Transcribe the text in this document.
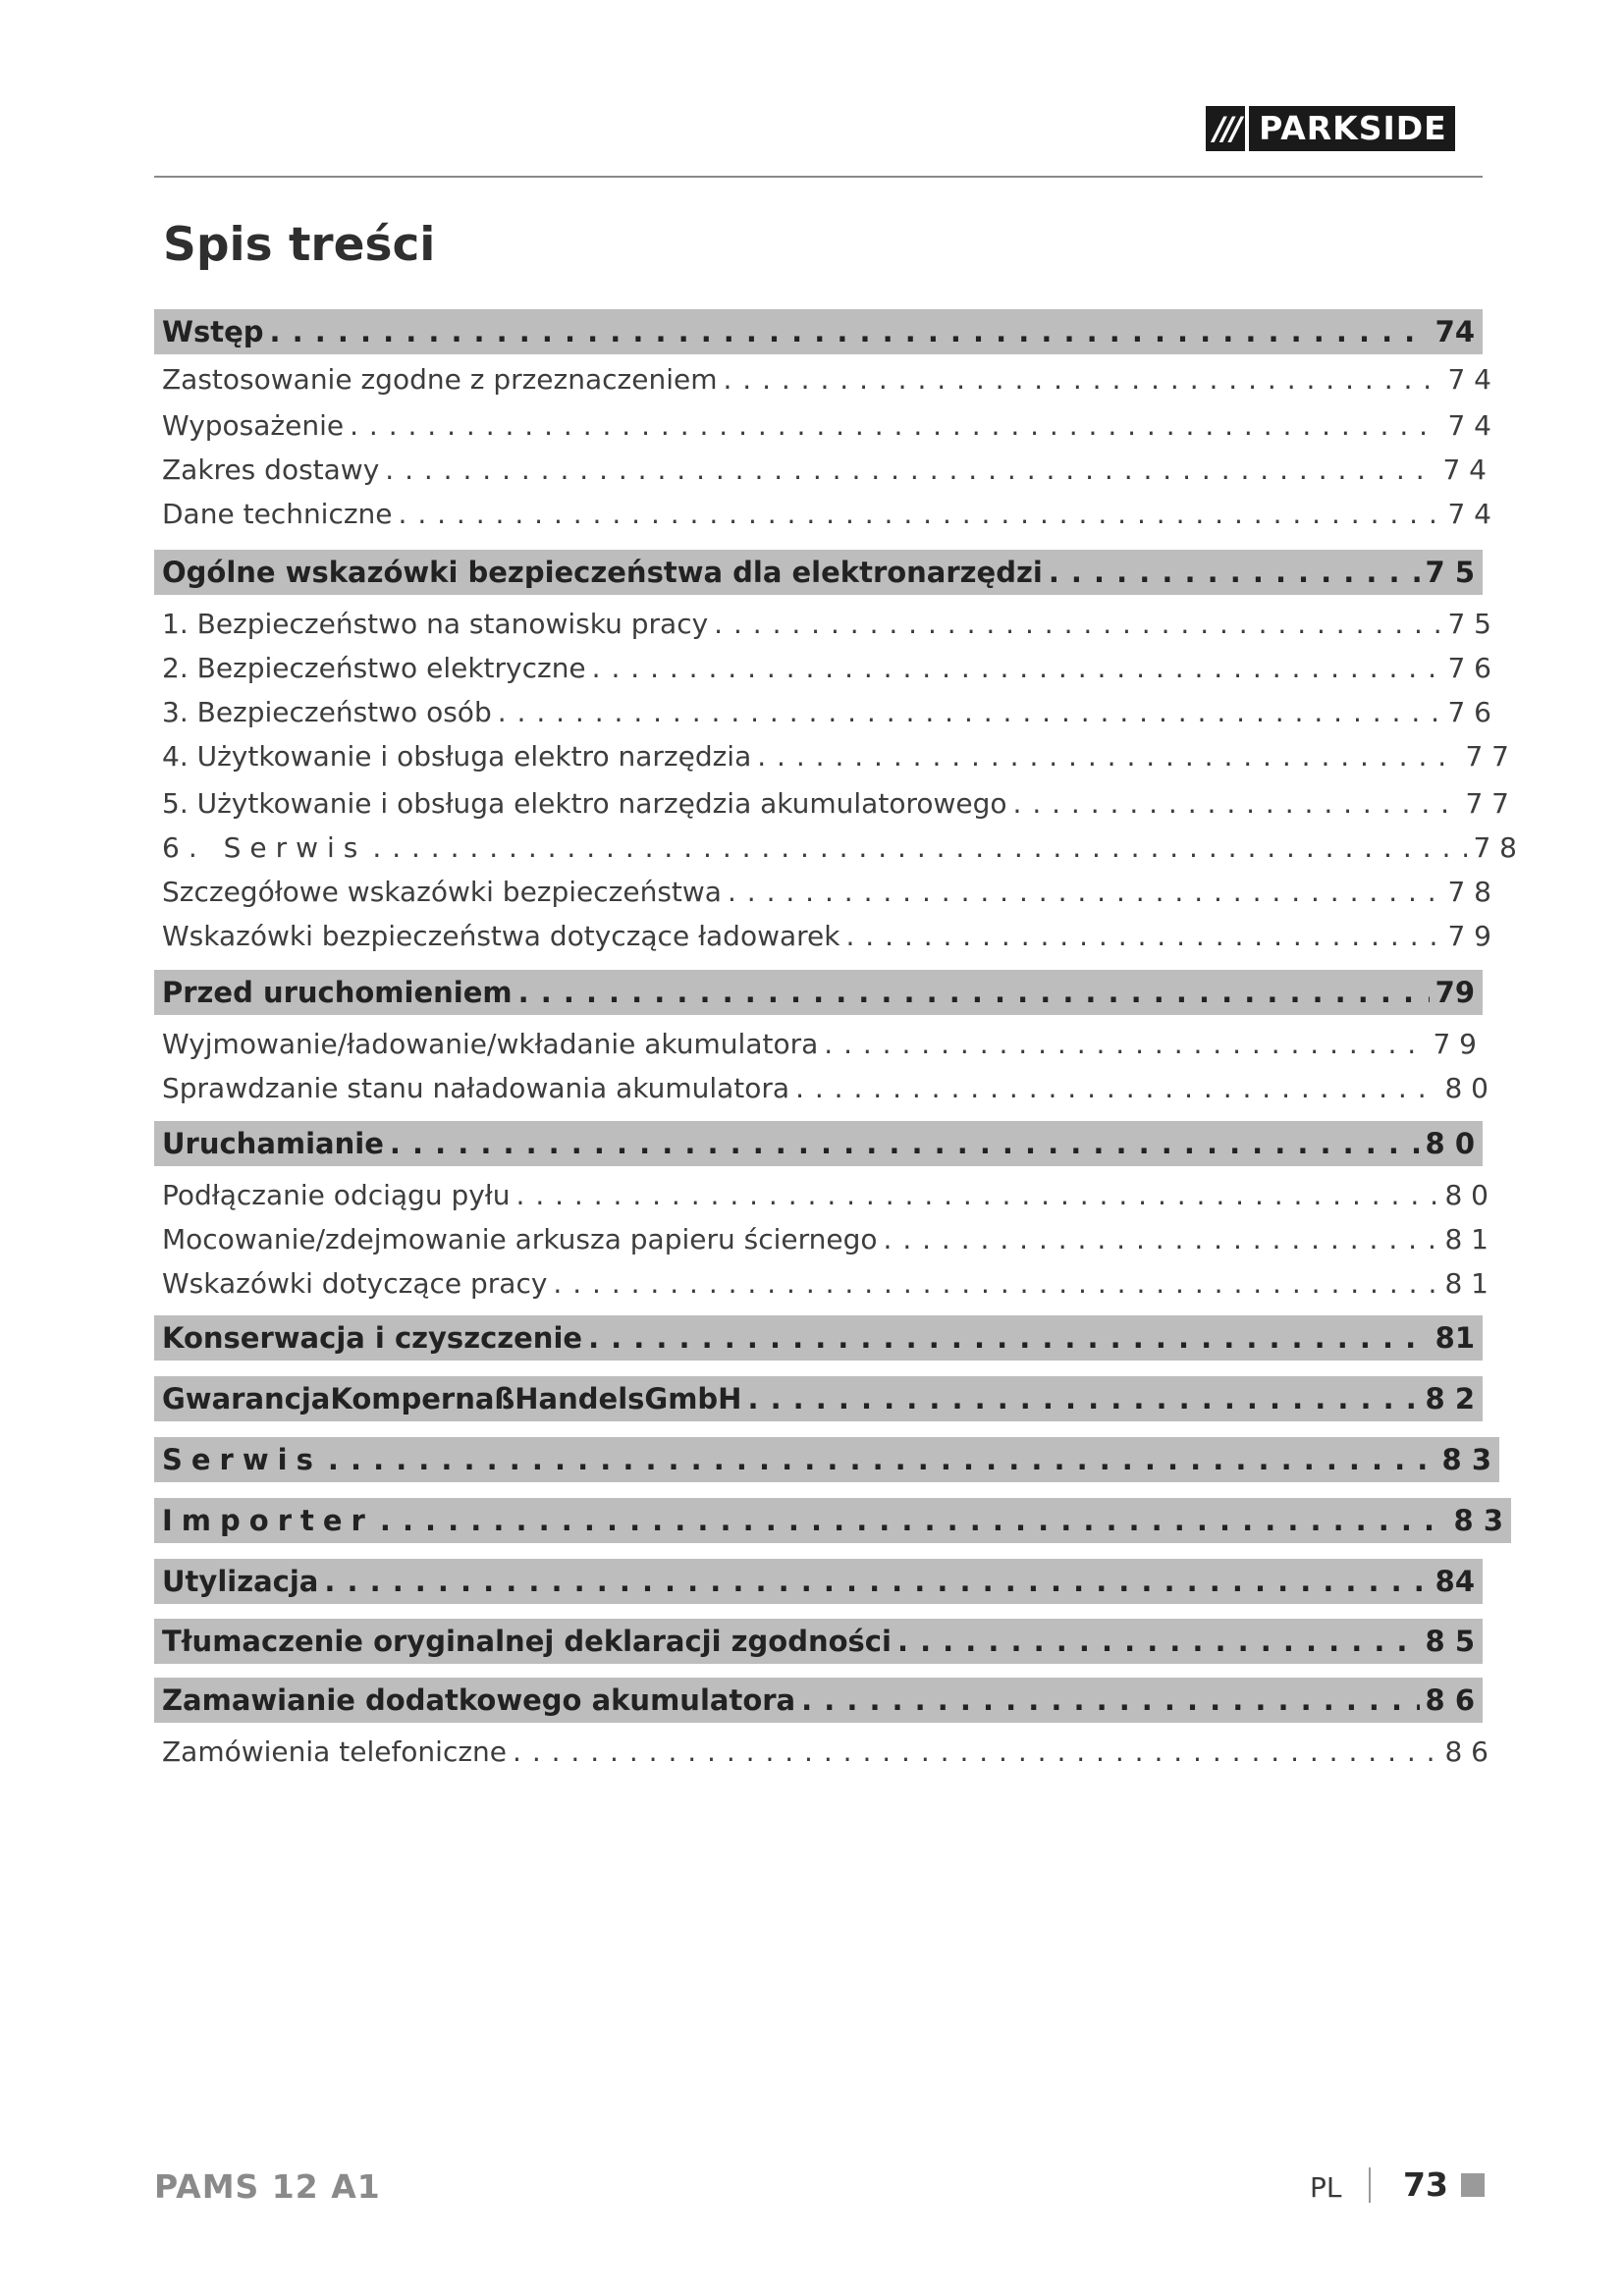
/// PARKSIDE
Spis treści
Wstęp . . .	74
Zastosowanie zgodne z przeznaczeniem . . .	7 4
Wyposażenie . . .	7 4
Zakres dostawy . . .	7 4
Dane techniczne . . .	7 4
Ogólne wskazówki bezpieczeństwa dla elektronarzędzi . . .	7 5
1. Bezpieczeństwo na stanowisku pracy . . .	7 5
2. Bezpieczeństwo elektryczne . . .	7 6
3. Bezpieczeństwo osób . . .	7 6
4. Użytkowanie i obsługa elektro narzędzia . . .	7 7
5. Użytkowanie i obsługa elektro narzędzia akumulatorowego . . .	7 7
6. Serwis . . .	7 8
Szczegółowe wskazówki bezpieczeństwa . . .	7 8
Wskazówki bezpieczeństwa dotyczące ładowarek . . .	7 9
Przed uruchomieniem . . .	79
Wyjmowanie/ładowanie/wkładanie akumulatora . . .	7 9
Sprawdzanie stanu naładowania akumulatora . . .	8 0
Uruchamianie . . .	8 0
Podłączanie odciągu pyłu . . .	8 0
Mocowanie/zdejmowanie arkusza papieru ściernego . . .	8 1
Wskazówki dotyczące pracy . . .	8 1
Konserwacja i czyszczenie . . .	81
GwarancjaKompernaßHandelsGmbH . . .	8 2
Serwis . . .	8 3
Importer . . .	8 3
Utylizacja . . .	84
Tłumaczenie oryginalnej deklaracji zgodności . . .	8 5
Zamawianie dodatkowego akumulatora . . .	8 6
Zamówienia telefoniczne . . .	8 6
PAMS 12 A1	PL 73
